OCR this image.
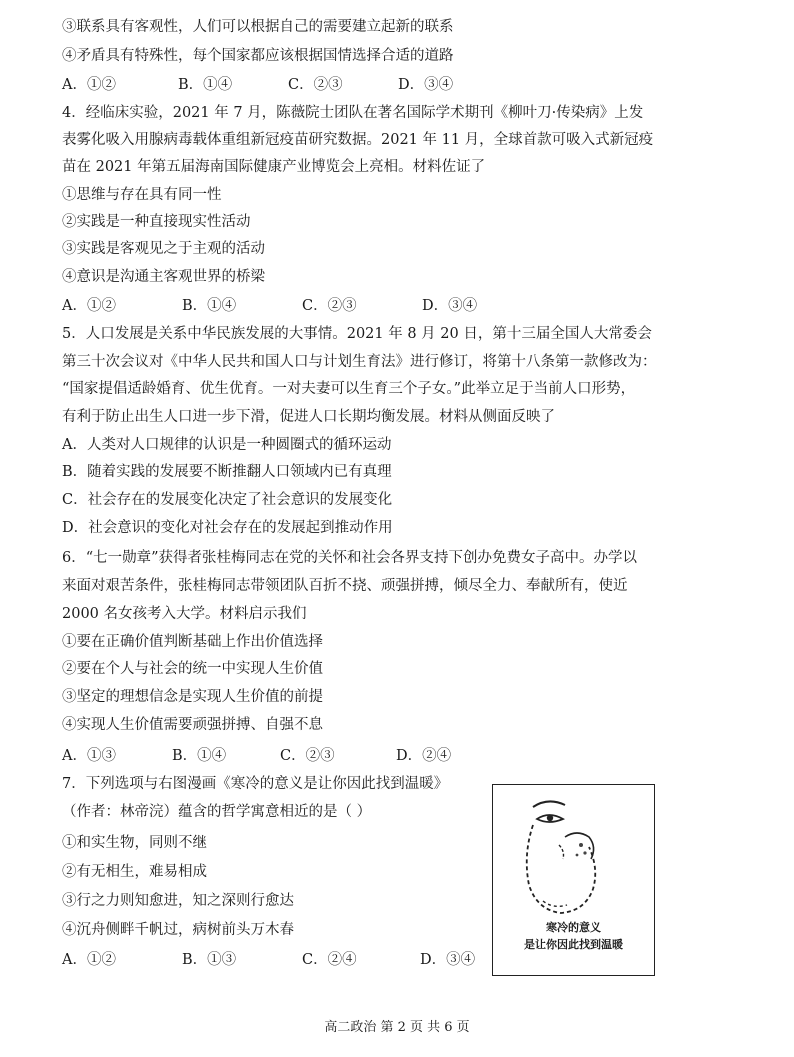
③联系具有客观性，人们可以根据自己的需要建立起新的联系

④矛盾具有特殊性，每个国家都应该根据国情选择合适的道路

A．①②	B．①④	C．②③	D．③④

4．经临床实验，2021 年 7 月，陈薇院士团队在著名国际学术期刊《柳叶刀·传染病》上发

表雾化吸入用腺病毒载体重组新冠疫苗研究数据。2021 年 11 月，全球首款可吸入式新冠疫

苗在 2021 年第五届海南国际健康产业博览会上亮相。材料佐证了

①思维与存在具有同一性

②实践是一种直接现实性活动

③实践是客观见之于主观的活动

④意识是沟通主客观世界的桥梁

A．①②	B．①④	C．②③	D．③④

5．人口发展是关系中华民族发展的大事情。2021 年 8 月 20 日，第十三届全国人大常委会

第三十次会议对《中华人民共和国人口与计划生育法》进行修订，将第十八条第一款修改为：

“国家提倡适龄婚育、优生优育。一对夫妻可以生育三个子女。”此举立足于当前人口形势，

有利于防止出生人口进一步下滑，促进人口长期均衡发展。材料从侧面反映了

A．人类对人口规律的认识是一种圆圈式的循环运动

B．随着实践的发展要不断推翻人口领域内已有真理

C．社会存在的发展变化决定了社会意识的发展变化

D．社会意识的变化对社会存在的发展起到推动作用

6．“七一勋章”获得者张桂梅同志在党的关怀和社会各界支持下创办免费女子高中。办学以

来面对艰苦条件，张桂梅同志带领团队百折不挠、顽强拼搏，倾尽全力、奉献所有，使近

2000 名女孩考入大学。材料启示我们

①要在正确价值判断基础上作出价值选择

②要在个人与社会的统一中实现人生价值

③坚定的理想信念是实现人生价值的前提

④实现人生价值需要顽强拼搏、自强不息

A．①③	B．①④	C．②③	D．②④

7．下列选项与右图漫画《寒冷的意义是让你因此找到温暖》

（作者：林帝浣）蕴含的哲学寓意相近的是（ ）

①和实生物，同则不继

②有无相生，难易相成

③行之力则知愈进，知之深则行愈达

④沉舟侧畔千帆过，病树前头万木春

A．①②	B．①③	C．②④	D．③④
寒冷的意义
是让你因此找到温暖
高二政治 第 2 页 共 6 页
